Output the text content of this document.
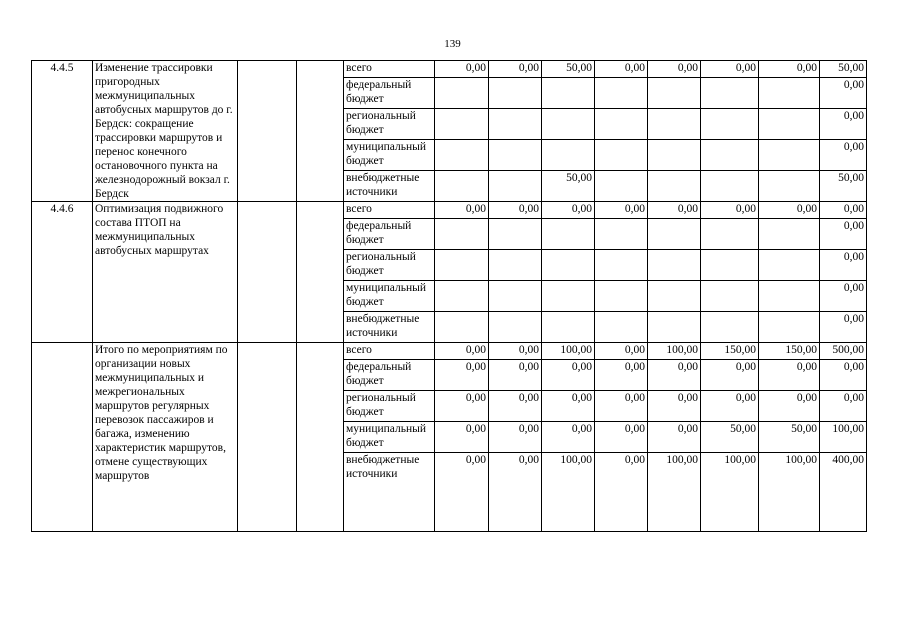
139
4.4.5	Изменение трассировки пригородных межмуниципальных автобусных маршрутов до г. Бердск: сокращение трассировки маршрутов и перенос конечного остановочного пункта на железнодорожный вокзал г. Бердск			всего	0,00	0,00	50,00	0,00	0,00	0,00	0,00	50,00
				федеральный бюджет								0,00
				региональный бюджет								0,00
				муниципальный бюджет								0,00
				внебюджетные источники			50,00					50,00
4.4.6	Оптимизация подвижного состава ПТОП на межмуниципальных автобусных маршрутах			всего	0,00	0,00	0,00	0,00	0,00	0,00	0,00	0,00
				федеральный бюджет								0,00
				региональный бюджет								0,00
				муниципальный бюджет								0,00
				внебюджетные источники								0,00
	Итого по мероприятиям по организации новых межмуниципальных и межрегиональных маршрутов регулярных перевозок пассажиров и багажа, изменению характеристик маршрутов, отмене существующих маршрутов			всего	0,00	0,00	100,00	0,00	100,00	150,00	150,00	500,00
				федеральный бюджет	0,00	0,00	0,00	0,00	0,00	0,00	0,00	0,00
				региональный бюджет	0,00	0,00	0,00	0,00	0,00	0,00	0,00	0,00
				муниципальный бюджет	0,00	0,00	0,00	0,00	0,00	50,00	50,00	100,00
				внебюджетные источники	0,00	0,00	100,00	0,00	100,00	100,00	100,00	400,00
